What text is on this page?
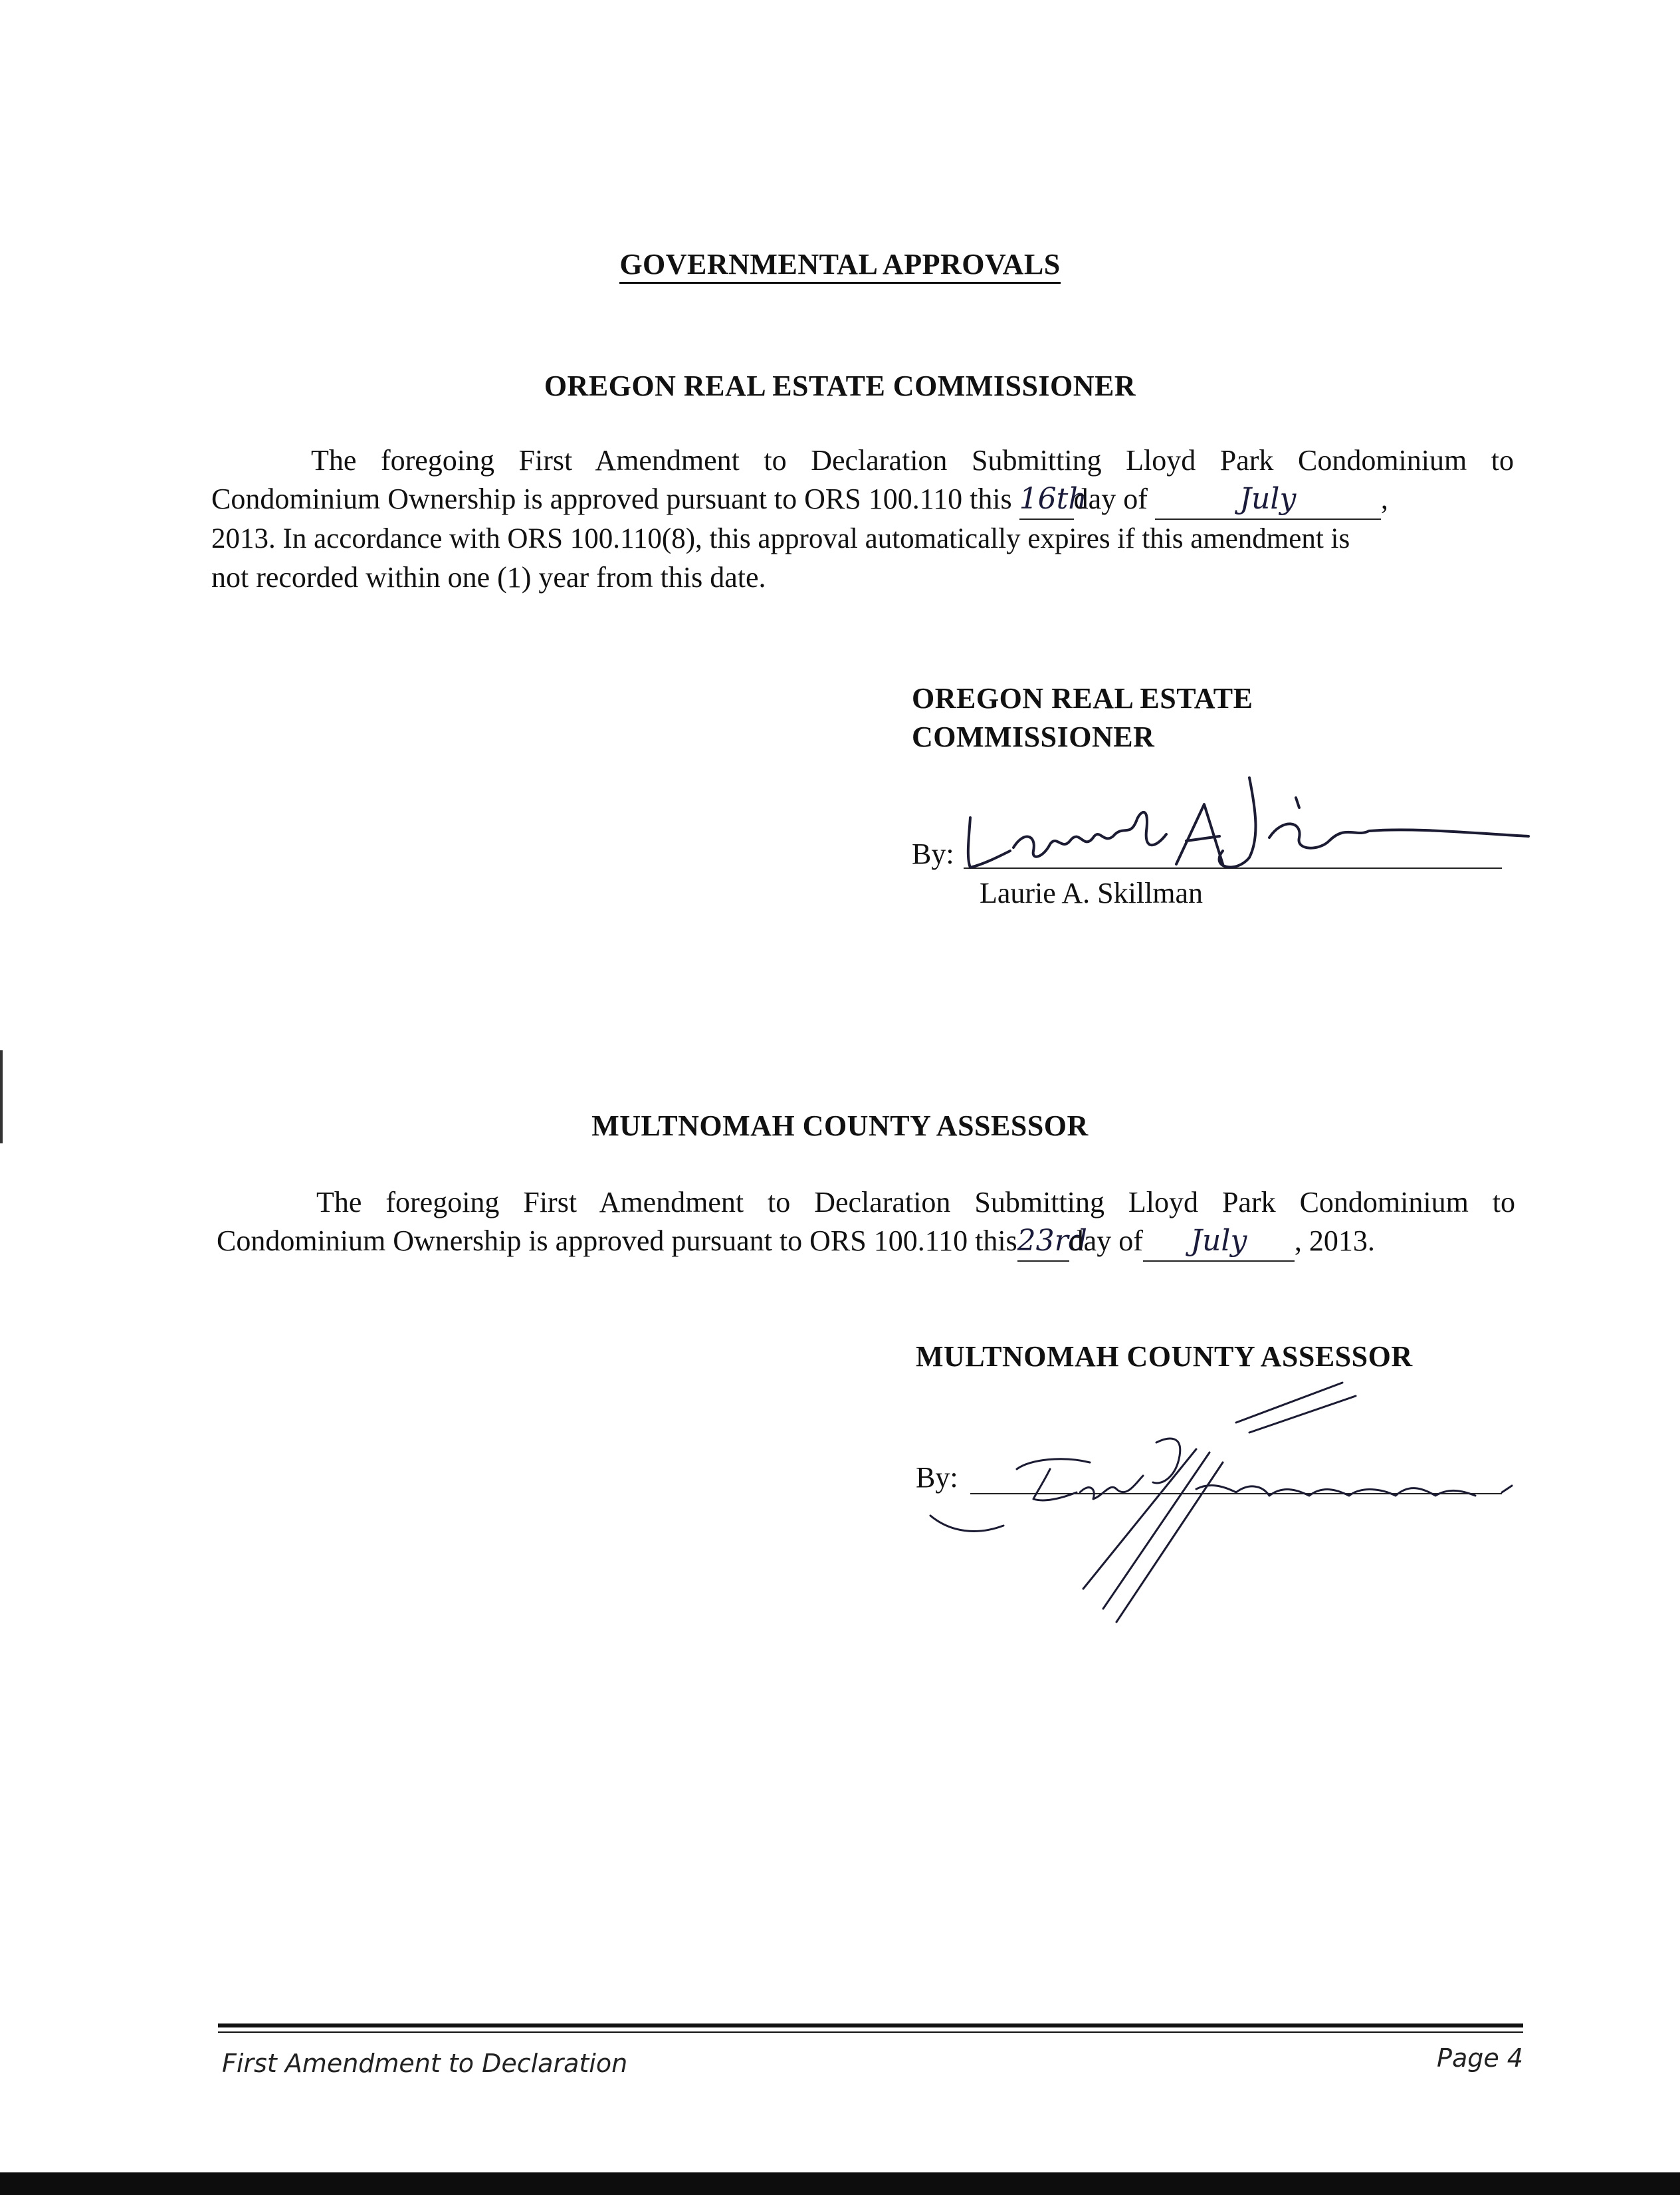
GOVERNMENTAL APPROVALS
OREGON REAL ESTATE COMMISSIONER
The foregoing First Amendment to Declaration Submitting Lloyd Park Condominium to
Condominium Ownership is approved pursuant to ORS 100.110 this 16thday of	July	,
2013. In accordance with ORS 100.110(8), this approval automatically expires if this amendment is
not recorded within one (1) year from this date.
OREGON REAL ESTATE
COMMISSIONER
By:
Laurie A. Skillman
MULTNOMAH COUNTY ASSESSOR
The foregoing First Amendment to Declaration Submitting Lloyd Park Condominium to
Condominium Ownership is approved pursuant to ORS 100.110 this23rdday of July , 2013.
MULTNOMAH COUNTY ASSESSOR
By:
First Amendment to Declaration	Page 4
